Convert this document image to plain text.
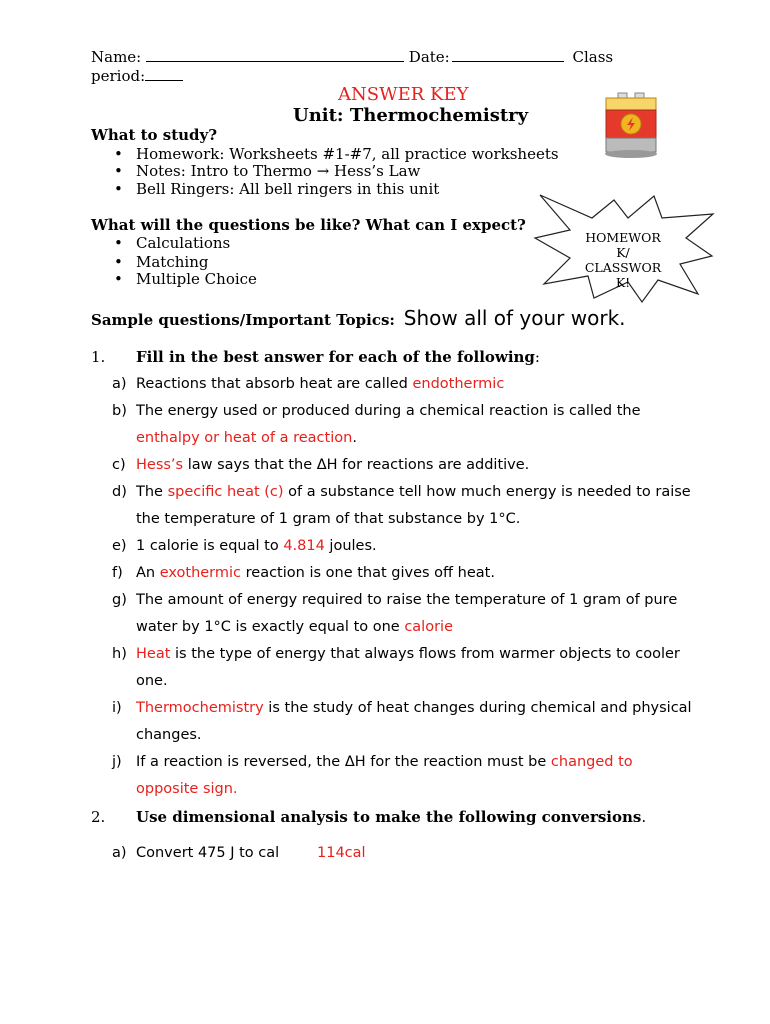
Name:	Date:	Class
period:
ANSWER KEY
Unit: Thermochemistry
What to study?
• Homework: Worksheets #1-#7, all practice worksheets
• Notes: Intro to Thermo → Hess’s Law
• Bell Ringers: All bell ringers in this unit
What will the questions be like? What can I expect?
• Calculations
• Matching
• Multiple Choice
HOMEWOR
K/
CLASSWOR
K!
Sample questions/Important Topics: Show all of your work.
1. Fill in the best answer for each of the following:
a) Reactions that absorb heat are called endothermic
b) The energy used or produced during a chemical reaction is called the
enthalpy or heat of a reaction.
c) Hess’s law says that the ΔH for reactions are additive.
d) The specific heat (c) of a substance tell how much energy is needed to raise
the temperature of 1 gram of that substance by 1°C.
e) 1 calorie is equal to 4.814 joules.
f) An exothermic reaction is one that gives off heat.
g) The amount of energy required to raise the temperature of 1 gram of pure
water by 1°C is exactly equal to one calorie
h) Heat is the type of energy that always flows from warmer objects to cooler
one.
i) Thermochemistry is the study of heat changes during chemical and physical
changes.
j) If a reaction is reversed, the ΔH for the reaction must be changed to
opposite sign.
2. Use dimensional analysis to make the following conversions.
a) Convert 475 J to cal	114cal
